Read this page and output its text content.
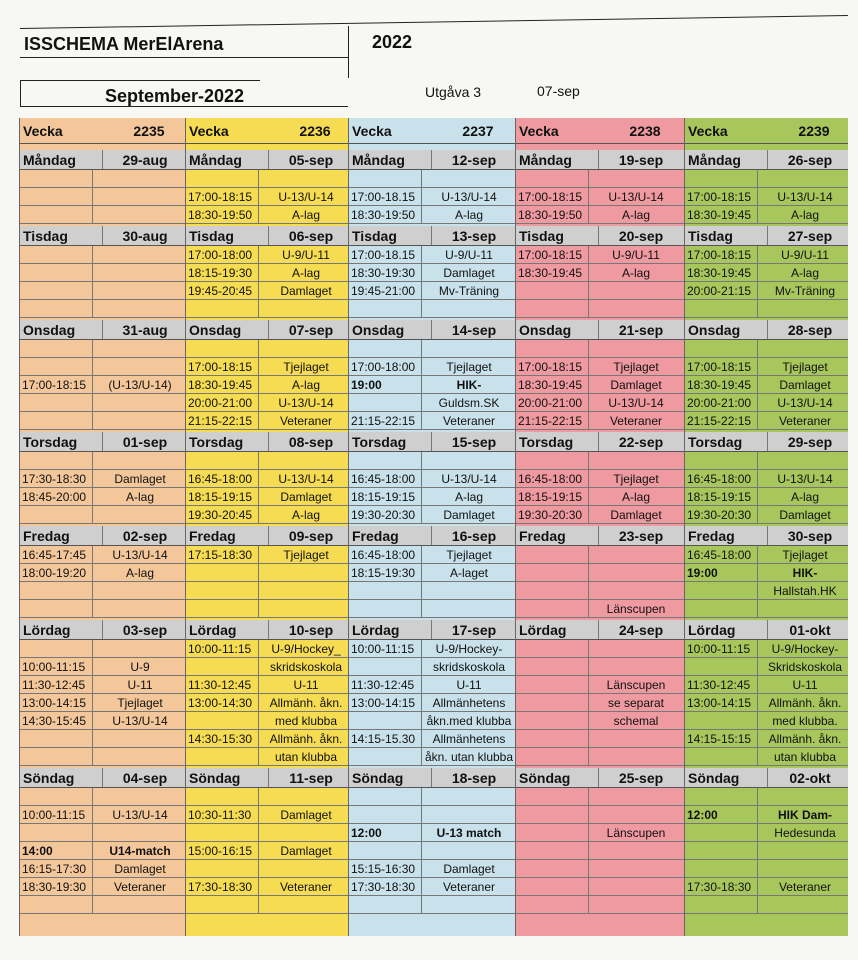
ISSCHEMA MerElArena	2022
September-2022	Utgåva 3	07-sep
Vecka	2235
Måndag	29-aug
Tisdag	30-aug
Onsdag	31-aug
17:00-18:15	(U-13/U-14)
Torsdag	01-sep
17:30-18:30	Damlaget
18:45-20:00	A-lag
Fredag	02-sep
16:45-17:45	U-13/U-14
18:00-19:20	A-lag
Lördag	03-sep
10:00-11:15	U-9
11:30-12:45	U-11
13:00-14:15	Tjejlaget
14:30-15:45	U-13/U-14
Söndag	04-sep
10:00-11:15	U-13/U-14
14:00	U14-match
16:15-17:30	Damlaget
18:30-19:30	Veteraner
Vecka	2236
Måndag	05-sep
17:00-18:15	U-13/U-14
18:30-19:50	A-lag
Tisdag	06-sep
17:00-18:00	U-9/U-11
18:15-19:30	A-lag
19:45-20:45	Damlaget
Onsdag	07-sep
17:00-18:15	Tjejlaget
18:30-19:45	A-lag
20:00-21:00	U-13/U-14
21:15-22:15	Veteraner
Torsdag	08-sep
16:45-18:00	U-13/U-14
18:15-19:15	Damlaget
19:30-20:45	A-lag
Fredag	09-sep
17:15-18:30	Tjejlaget
Lördag	10-sep
10:00-11:15	U-9/Hockey_
skridskoskola
11:30-12:45	U-11
13:00-14:30	Allmänh. åkn.
med klubba
14:30-15:30	Allmänh. åkn.
utan klubba
Söndag	11-sep
10:30-11:30	Damlaget
15:00-16:15	Damlaget
17:30-18:30	Veteraner
Vecka	2237
Måndag	12-sep
17:00-18.15	U-13/U-14
18:30-19:50	A-lag
Tisdag	13-sep
17:00-18.15	U-9/U-11
18:30-19:30	Damlaget
19:45-21:00	Mv-Träning
Onsdag	14-sep
17:00-18:00	Tjejlaget
19:00	HIK-
Guldsm.SK
21:15-22:15	Veteraner
Torsdag	15-sep
16:45-18:00	U-13/U-14
18:15-19:15	A-lag
19:30-20:30	Damlaget
Fredag	16-sep
16:45-18:00	Tjejlaget
18:15-19:30	A-laget
Lördag	17-sep
10:00-11:15	U-9/Hockey-
skridskoskola
11:30-12:45	U-11
13:00-14:15	Allmänhetens
åkn.med klubba
14:15-15.30	Allmänhetens
åkn. utan klubba
Söndag	18-sep
12:00	U-13 match
15:15-16:30	Damlaget
17:30-18:30	Veteraner
Vecka	2238
Måndag	19-sep
17:00-18:15	U-13/U-14
18:30-19:50	A-lag
Tisdag	20-sep
17:00-18:15	U-9/U-11
18:30-19:45	A-lag
Onsdag	21-sep
17:00-18:15	Tjejlaget
18:30-19:45	Damlaget
20:00-21:00	U-13/U-14
21:15-22:15	Veteraner
Torsdag	22-sep
16:45-18:00	Tjejlaget
18:15-19:15	A-lag
19:30-20:30	Damlaget
Fredag	23-sep
Länscupen
Lördag	24-sep
Länscupen
se separat
schemal
Söndag	25-sep
Länscupen
Vecka	2239
Måndag	26-sep
17:00-18:15	U-13/U-14
18:30-19:45	A-lag
Tisdag	27-sep
17:00-18:15	U-9/U-11
18:30-19:45	A-lag
20:00-21:15	Mv-Träning
Onsdag	28-sep
17:00-18:15	Tjejlaget
18:30-19:45	Damlaget
20:00-21:00	U-13/U-14
21:15-22:15	Veteraner
Torsdag	29-sep
16:45-18:00	U-13/U-14
18:15-19:15	A-lag
19:30-20:30	Damlaget
Fredag	30-sep
16:45-18:00	Tjejlaget
19:00	HIK-
Hallstah.HK
Lördag	01-okt
10:00-11:15	U-9/Hockey-
Skridskoskola
11:30-12:45	U-11
13:00-14:15	Allmänh. åkn.
med klubba.
14:15-15:15	Allmänh. åkn.
utan klubba
Söndag	02-okt
12:00	HIK Dam-
Hedesunda
17:30-18:30	Veteraner
